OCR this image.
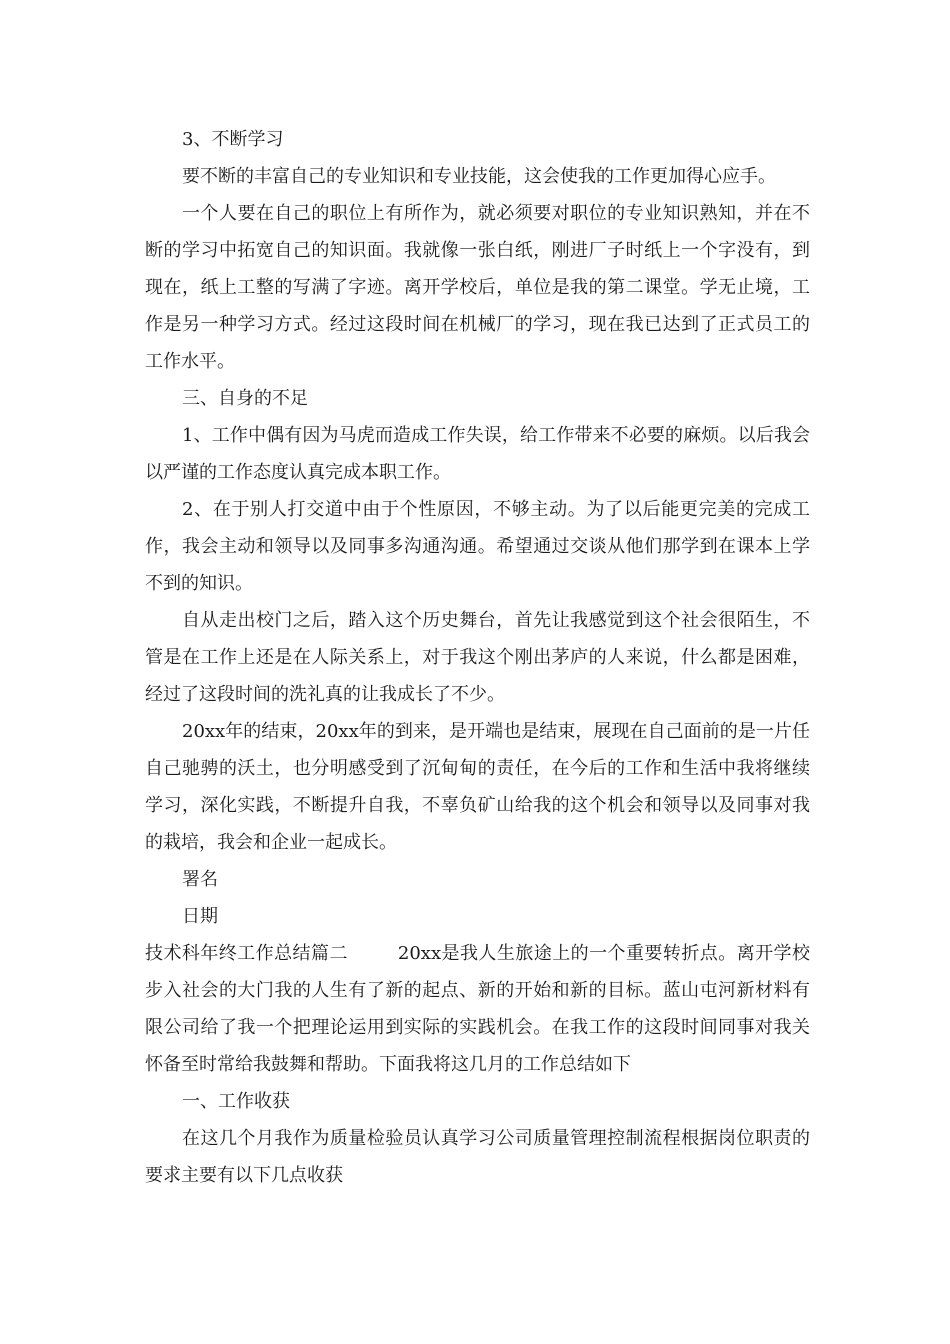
3、不断学习

要不断的丰富自己的专业知识和专业技能，这会使我的工作更加得心应手。

一个人要在自己的职位上有所作为，就必须要对职位的专业知识熟知，并在不断的学习中拓宽自己的知识面。我就像一张白纸，刚进厂子时纸上一个字没有，到现在，纸上工整的写满了字迹。离开学校后，单位是我的第二课堂。学无止境，工作是另一种学习方式。经过这段时间在机械厂的学习，现在我已达到了正式员工的工作水平。

三、自身的不足

1、工作中偶有因为马虎而造成工作失误，给工作带来不必要的麻烦。以后我会以严谨的工作态度认真完成本职工作。

2、在于别人打交道中由于个性原因，不够主动。为了以后能更完美的完成工作，我会主动和领导以及同事多沟通沟通。希望通过交谈从他们那学到在课本上学不到的知识。

自从走出校门之后，踏入这个历史舞台，首先让我感觉到这个社会很陌生，不管是在工作上还是在人际关系上，对于我这个刚出茅庐的人来说，什么都是困难，经过了这段时间的洗礼真的让我成长了不少。

20xx年的结束，20xx年的到来，是开端也是结束，展现在自己面前的是一片任自己驰骋的沃土，也分明感受到了沉甸甸的责任，在今后的工作和生活中我将继续学习，深化实践，不断提升自我，不辜负矿山给我的这个机会和领导以及同事对我的栽培，我会和企业一起成长。

署名

日期

技术科年终工作总结篇二	20xx是我人生旅途上的一个重要转折点。离开学校步入社会的大门我的人生有了新的起点、新的开始和新的目标。蓝山屯河新材料有限公司给了我一个把理论运用到实际的实践机会。在我工作的这段时间同事对我关怀备至时常给我鼓舞和帮助。下面我将这几月的工作总结如下

一、工作收获

在这几个月我作为质量检验员认真学习公司质量管理控制流程根据岗位职责的要求主要有以下几点收获
